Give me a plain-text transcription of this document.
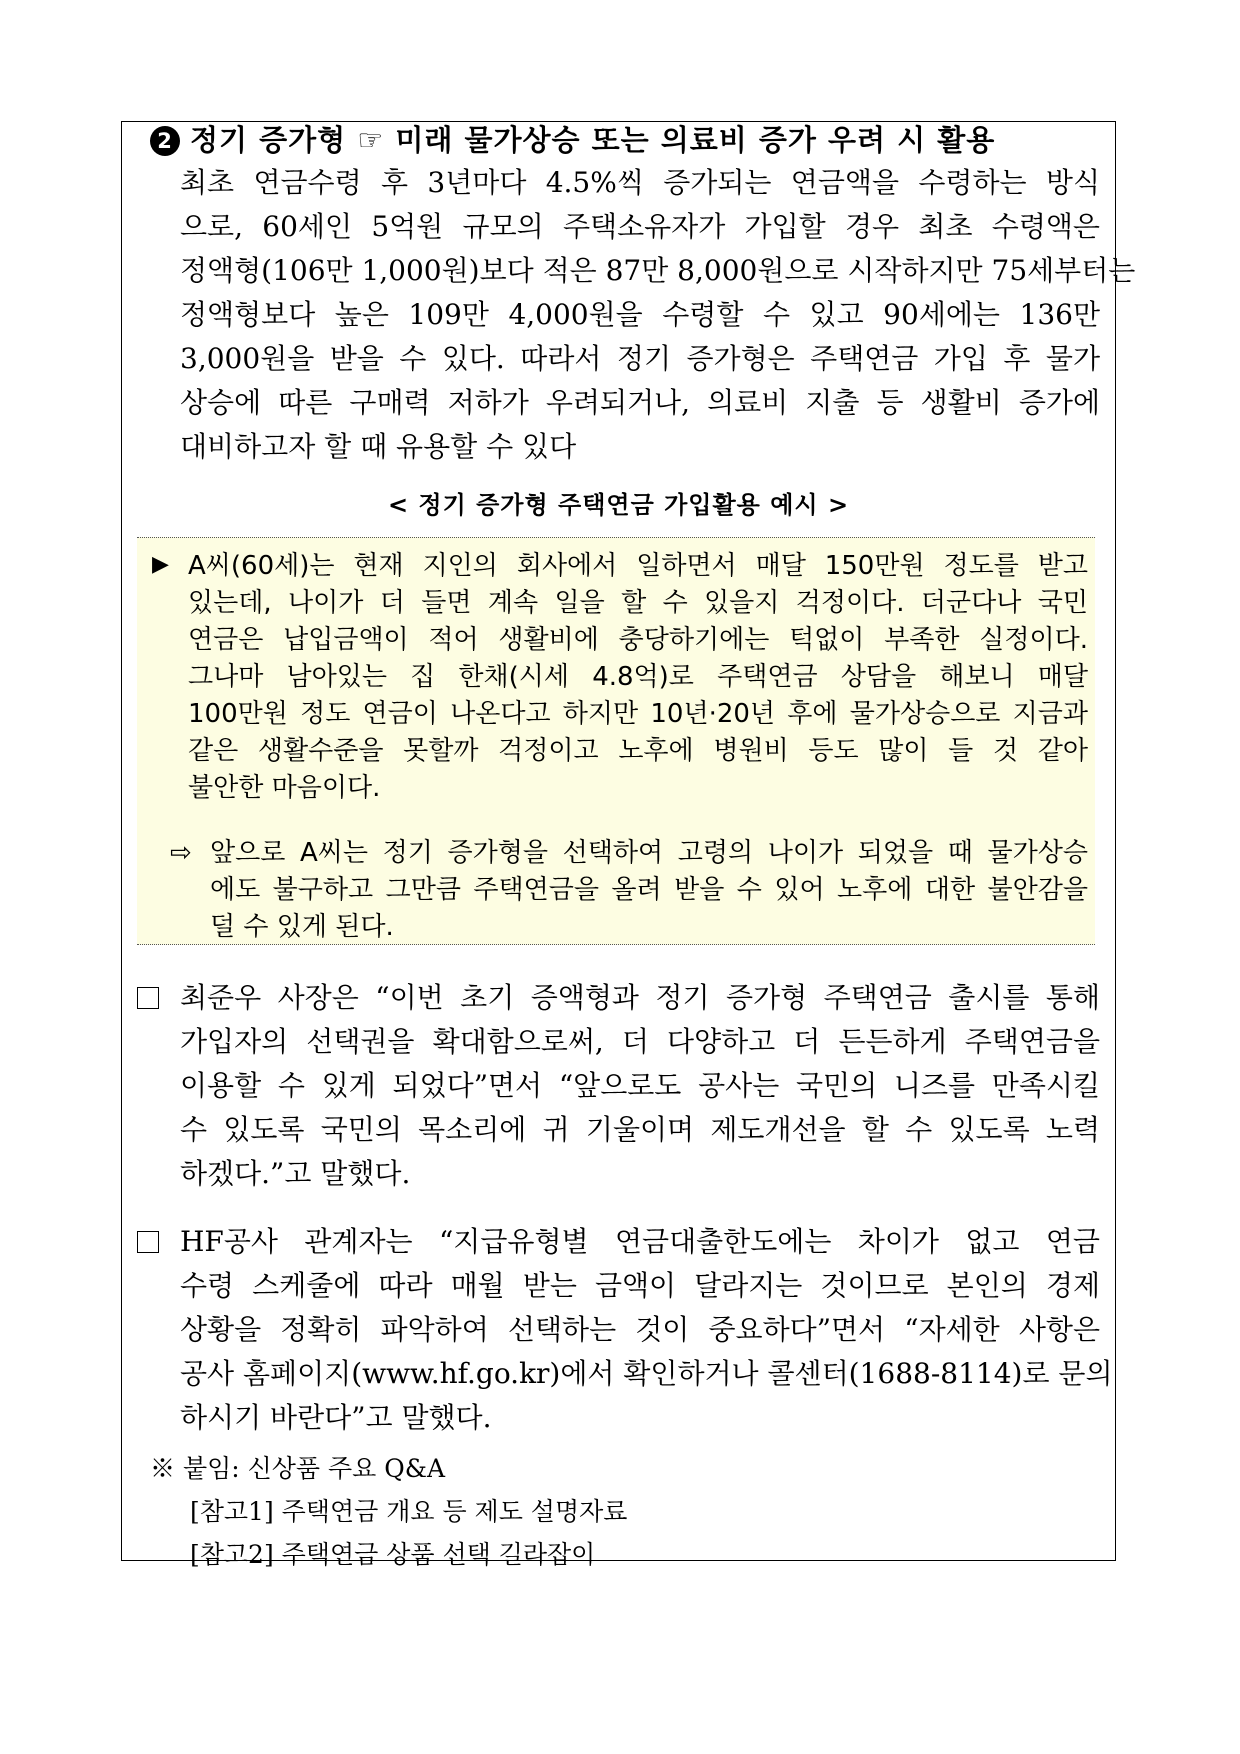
2 정기 증가형 ☞ 미래 물가상승 또는 의료비 증가 우려 시 활용
최초 연금수령 후 3년마다 4.5%씩 증가되는 연금액을 수령하는 방식
으로, 60세인 5억원 규모의 주택소유자가 가입할 경우 최초 수령액은
정액형(106만 1,000원)보다 적은 87만 8,000원으로 시작하지만 75세부터는
정액형보다 높은 109만 4,000원을 수령할 수 있고 90세에는 136만
3,000원을 받을 수 있다. 따라서 정기 증가형은 주택연금 가입 후 물가
상승에 따른 구매력 저하가 우려되거나, 의료비 지출 등 생활비 증가에
대비하고자 할 때 유용할 수 있다
< 정기 증가형 주택연금 가입활용 예시 >
▶ A씨(60세)는 현재 지인의 회사에서 일하면서 매달 150만원 정도를 받고
있는데, 나이가 더 들면 계속 일을 할 수 있을지 걱정이다. 더군다나 국민
연금은 납입금액이 적어 생활비에 충당하기에는 턱없이 부족한 실정이다.
그나마 남아있는 집 한채(시세 4.8억)로 주택연금 상담을 해보니 매달
100만원 정도 연금이 나온다고 하지만 10년·20년 후에 물가상승으로 지금과
같은 생활수준을 못할까 걱정이고 노후에 병원비 등도 많이 들 것 같아
불안한 마음이다.
⇨ 앞으로 A씨는 정기 증가형을 선택하여 고령의 나이가 되었을 때 물가상승
에도 불구하고 그만큼 주택연금을 올려 받을 수 있어 노후에 대한 불안감을
덜 수 있게 된다.
최준우 사장은 “이번 초기 증액형과 정기 증가형 주택연금 출시를 통해
가입자의 선택권을 확대함으로써, 더 다양하고 더 든든하게 주택연금을
이용할 수 있게 되었다”면서 “앞으로도 공사는 국민의 니즈를 만족시킬
수 있도록 국민의 목소리에 귀 기울이며 제도개선을 할 수 있도록 노력
하겠다.”고 말했다.
HF공사 관계자는 “지급유형별 연금대출한도에는 차이가 없고 연금
수령 스케줄에 따라 매월 받는 금액이 달라지는 것이므로 본인의 경제
상황을 정확히 파악하여 선택하는 것이 중요하다”면서 “자세한 사항은
공사 홈페이지(www.hf.go.kr)에서 확인하거나 콜센터(1688-8114)로 문의
하시기 바란다”고 말했다.
※ 붙임: 신상품 주요 Q&A
[참고1] 주택연금 개요 등 제도 설명자료
[참고2] 주택연금 상품 선택 길라잡이
